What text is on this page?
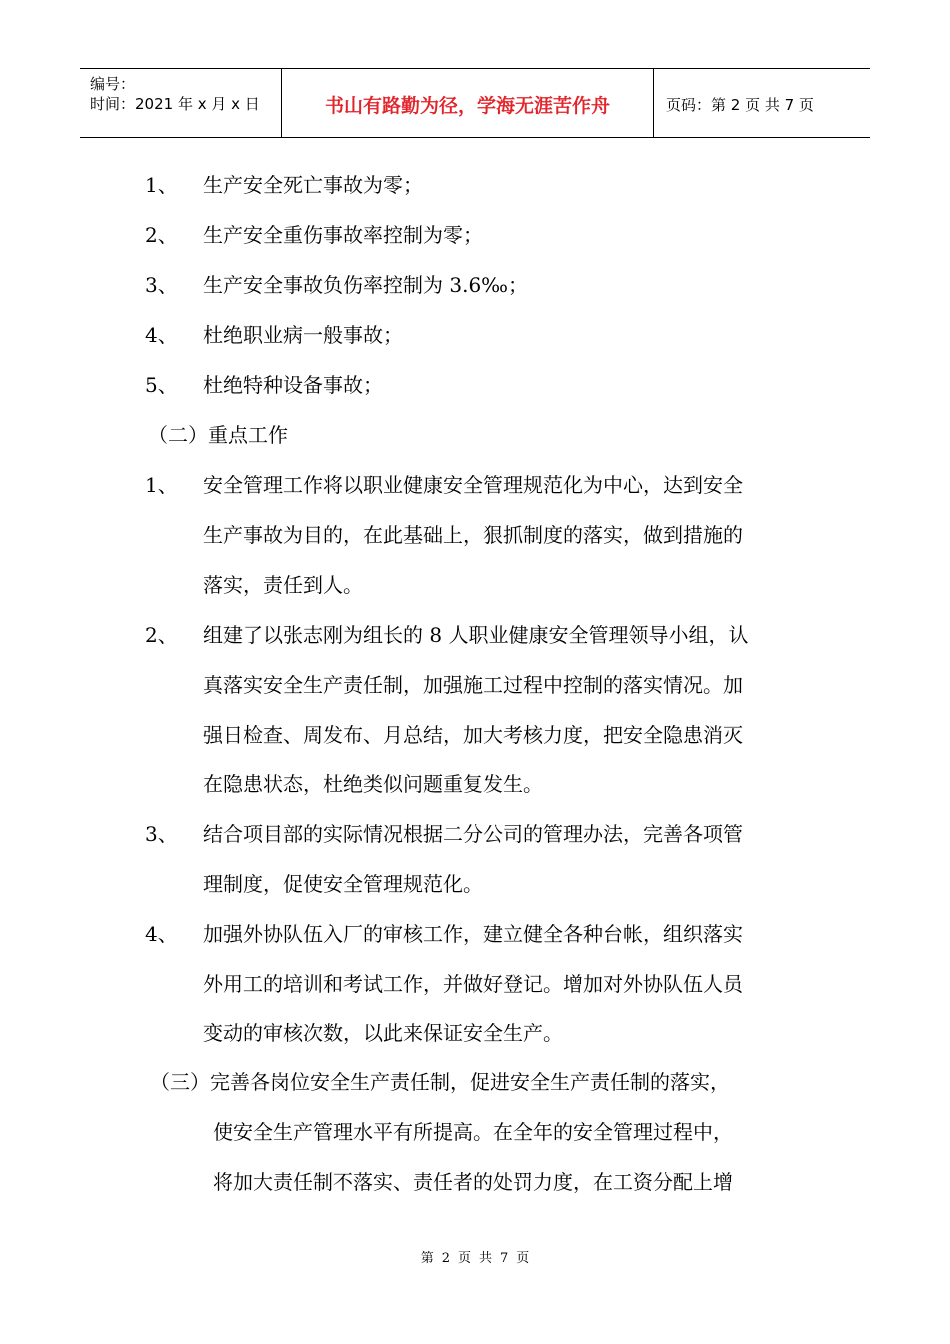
编号：
时间：2021 年 x 月 x 日	书山有路勤为径，学海无涯苦作舟	页码：第 2 页 共 7 页
1、 生产安全死亡事故为零；
2、 生产安全重伤事故率控制为零；
3、 生产安全事故负伤率控制为 3.6‰；
4、 杜绝职业病一般事故；
5、 杜绝特种设备事故；
（二）重点工作
1、 安全管理工作将以职业健康安全管理规范化为中心，达到安全
生产事故为目的，在此基础上，狠抓制度的落实，做到措施的
落实，责任到人。
2、 组建了以张志刚为组长的 8 人职业健康安全管理领导小组，认
真落实安全生产责任制，加强施工过程中控制的落实情况。加
强日检查、周发布、月总结，加大考核力度，把安全隐患消灭
在隐患状态，杜绝类似问题重复发生。
3、 结合项目部的实际情况根据二分公司的管理办法，完善各项管
理制度，促使安全管理规范化。
4、 加强外协队伍入厂的审核工作，建立健全各种台帐，组织落实
外用工的培训和考试工作，并做好登记。增加对外协队伍人员
变动的审核次数，以此来保证安全生产。
（三）完善各岗位安全生产责任制，促进安全生产责任制的落实，
使安全生产管理水平有所提高。在全年的安全管理过程中，
将加大责任制不落实、责任者的处罚力度，在工资分配上增
第 2 页 共 7 页
